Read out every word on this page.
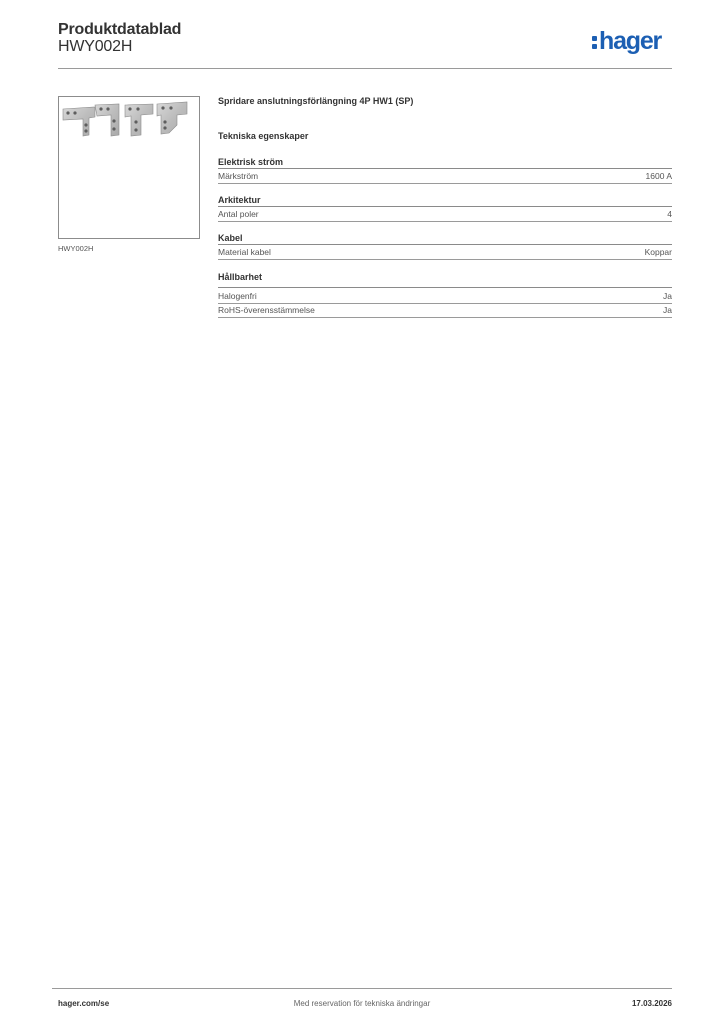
Produktdatablad
HWY002H	hager
HWY002H
Spridare anslutningsförlängning 4P HW1 (SP)
Tekniska egenskaper
Elektrisk ström
Märkström	1600 A
Arkitektur
Antal poler	4
Kabel
Material kabel	Koppar
Hållbarhet
Halogenfri	Ja
RoHS-överensstämmelse	Ja
hager.com/se	Med reservation för tekniska ändringar	17.03.2026
